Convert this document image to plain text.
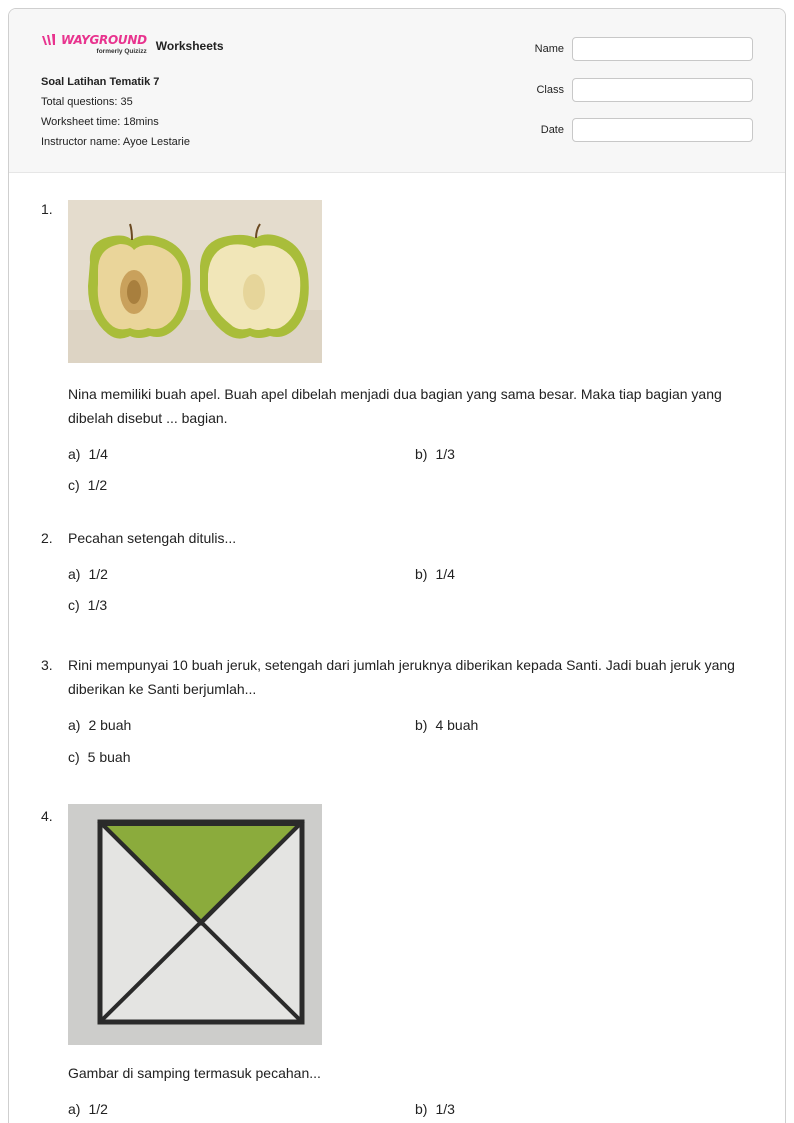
WAYGROUND
formerly Quizizz Worksheets
Soal Latihan Tematik 7
Total questions: 35
Worksheet time: 18mins
Instructor name: Ayoe Lestarie
Name
Class
Date
1.
Nina memiliki buah apel. Buah apel dibelah menjadi dua bagian yang sama besar. Maka tiap bagian yang dibelah disebut ... bagian.
a) 1/4	b) 1/3
c) 1/2
2. Pecahan setengah ditulis...
a) 1/2	b) 1/4
c) 1/3
3. Rini mempunyai 10 buah jeruk, setengah dari jumlah jeruknya diberikan kepada Santi. Jadi buah jeruk yang diberikan ke Santi berjumlah...
a) 2 buah	b) 4 buah
c) 5 buah
4.
Gambar di samping termasuk pecahan...
a) 1/2	b) 1/3
